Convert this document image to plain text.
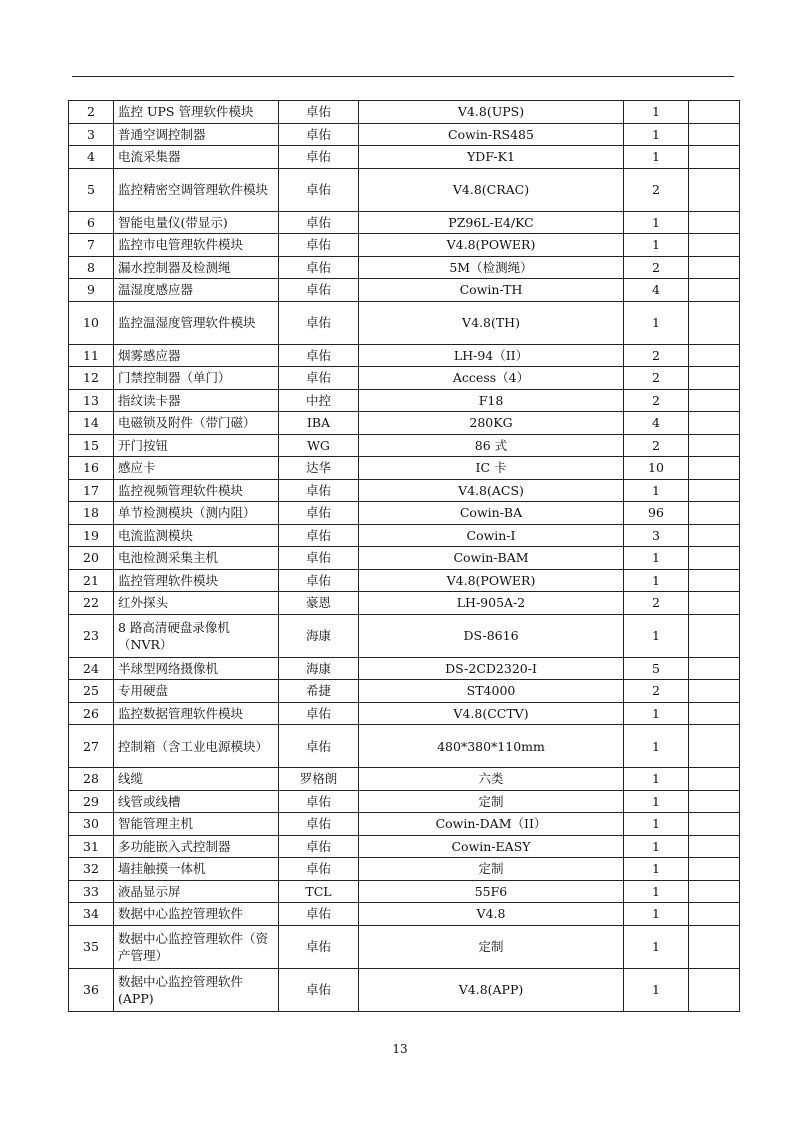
2	监控 UPS 管理软件模块	卓佑	V4.8(UPS)	1	
3	普通空调控制器	卓佑	Cowin-RS485	1	
4	电流采集器	卓佑	YDF-K1	1	
5	监控精密空调管理软件模块	卓佑	V4.8(CRAC)	2	
6	智能电量仪(带显示)	卓佑	PZ96L-E4/KC	1	
7	监控市电管理软件模块	卓佑	V4.8(POWER)	1	
8	漏水控制器及检测绳	卓佑	5M（检测绳）	2	
9	温湿度感应器	卓佑	Cowin-TH	4	
10	监控温湿度管理软件模块	卓佑	V4.8(TH)	1	
11	烟雾感应器	卓佑	LH-94（II）	2	
12	门禁控制器（单门）	卓佑	Access（4）	2	
13	指纹读卡器	中控	F18	2	
14	电磁锁及附件（带门磁）	IBA	280KG	4	
15	开门按钮	WG	86 式	2	
16	感应卡	达华	IC 卡	10	
17	监控视频管理软件模块	卓佑	V4.8(ACS)	1	
18	单节检测模块（测内阻）	卓佑	Cowin-BA	96	
19	电流监测模块	卓佑	Cowin-I	3	
20	电池检测采集主机	卓佑	Cowin-BAM	1	
21	监控管理软件模块	卓佑	V4.8(POWER)	1	
22	红外探头	豪恩	LH-905A-2	2	
23	8 路高清硬盘录像机（NVR）	海康	DS-8616	1	
24	半球型网络摄像机	海康	DS-2CD2320-I	5	
25	专用硬盘	希捷	ST4000	2	
26	监控数据管理软件模块	卓佑	V4.8(CCTV)	1	
27	控制箱（含工业电源模块）	卓佑	480*380*110mm	1	
28	线缆	罗格朗	六类	1	
29	线管或线槽	卓佑	定制	1	
30	智能管理主机	卓佑	Cowin-DAM（II）	1	
31	多功能嵌入式控制器	卓佑	Cowin-EASY	1	
32	墙挂触摸一体机	卓佑	定制	1	
33	液晶显示屏	TCL	55F6	1	
34	数据中心监控管理软件	卓佑	V4.8	1	
35	数据中心监控管理软件（资产管理）	卓佑	定制	1	
36	数据中心监控管理软件(APP)	卓佑	V4.8(APP)	1	
13
